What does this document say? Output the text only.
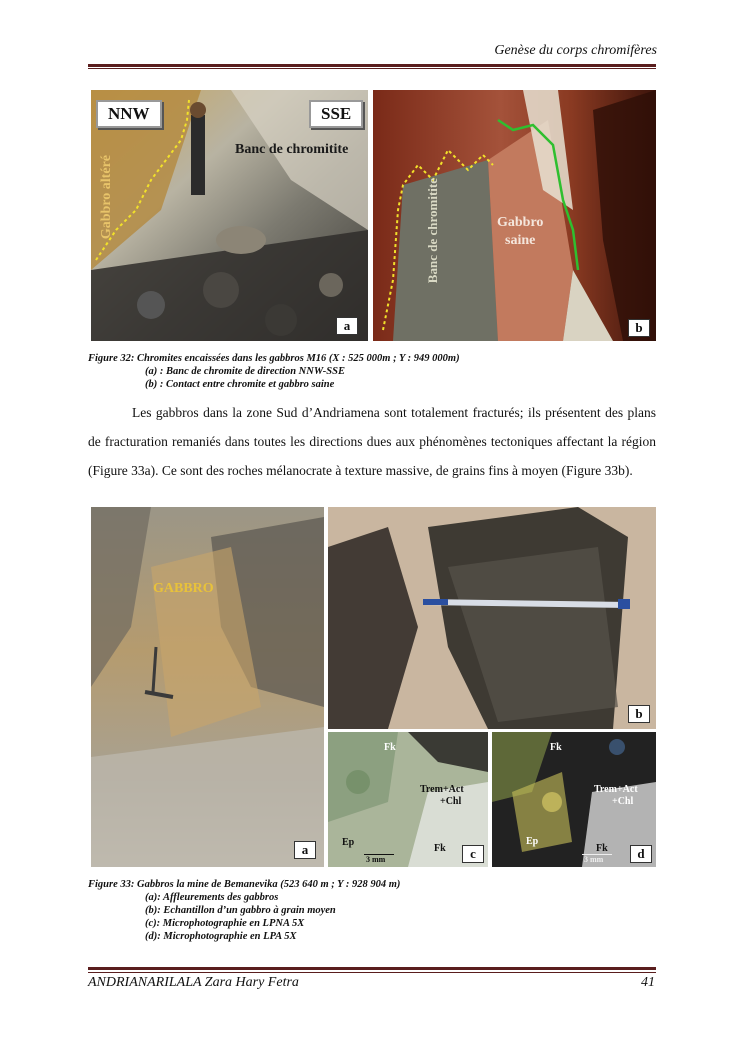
Genèse du corps chromifères
NNW	SSE
Gabbro altéré
Banc de chromitite
a
Banc de chromitite	Gabbro
saine
b
Figure 32: Chromites encaissées dans les gabbros M16 (X : 525 000m ; Y : 949 000m)
(a) : Banc de chromite de direction NNW-SSE
(b) : Contact entre chromite et gabbro saine
Les gabbros dans la zone Sud d’Andriamena sont totalement fracturés; ils présentent des plans de fracturation remaniés dans toutes les directions dues aux phénomènes tectoniques affectant la région (Figure 33a). Ce sont des roches mélanocrate à texture massive, de grains fins à moyen (Figure 33b).
GABBRO
a
b
Fk
Trem+Act
+Chl
Ep
Fk
3 mm	c
Fk
Trem+Act
+Chl
Ep
Fk
3 mm	d
Figure 33: Gabbros la mine de Bemanevika (523 640 m ; Y : 928 904 m)
(a): Affleurements des gabbros
(b): Echantillon d’un gabbro à grain moyen
(c): Microphotographie en LPNA 5X
(d): Microphotographie en LPA 5X
ANDRIANARILALA Zara Hary Fetra	41
